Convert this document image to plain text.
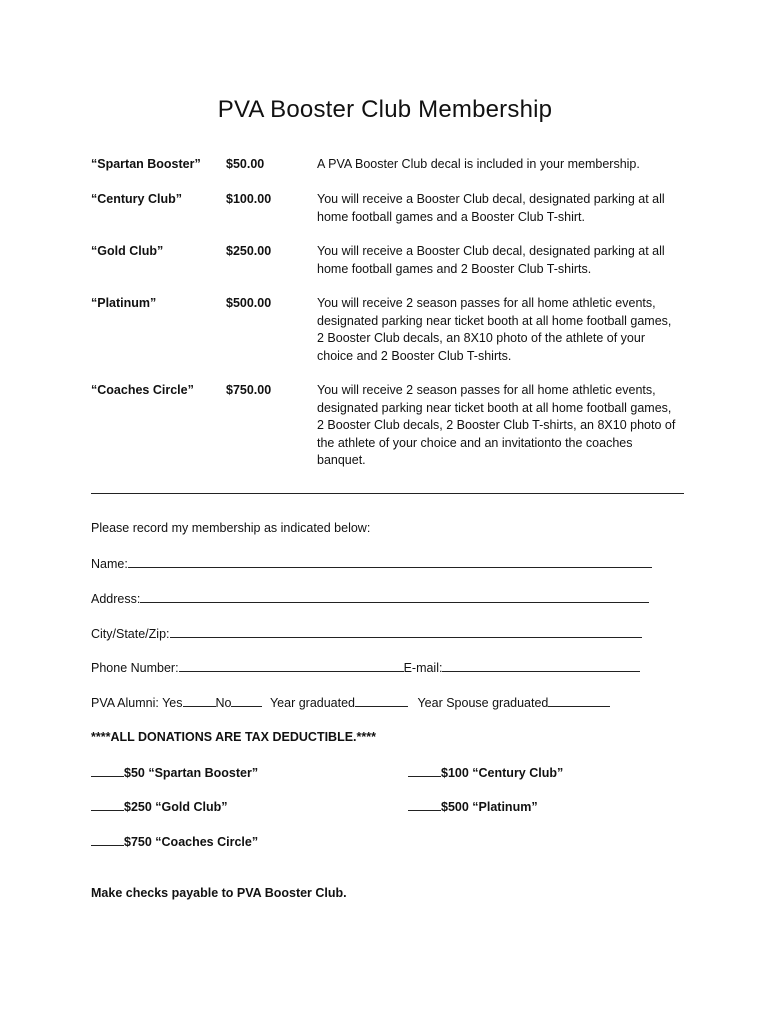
PVA Booster Club Membership
“Spartan Booster” $50.00	A PVA Booster Club decal is included in your membership.
“Century Club”	$100.00	You will receive a Booster Club decal, designated parking at all home football games and a Booster Club T-shirt.
“Gold Club”	$250.00	You will receive a Booster Club decal, designated parking at all home football games and 2 Booster Club T-shirts.
“Platinum”	$500.00	You will receive 2 season passes for all home athletic events, designated parking near ticket booth at all home football games, 2 Booster Club decals, an 8X10 photo of the athlete of your choice and 2 Booster Club T-shirts.
“Coaches Circle”	$750.00	You will receive 2 season passes for all home athletic events, designated parking near ticket booth at all home football games, 2 Booster Club decals, 2 Booster Club T-shirts, an 8X10 photo of the athlete of your choice and an invitationto the coaches banquet.
Please record my membership as indicated below:
Name:
Address:
City/State/Zip:
Phone Number:	E-mail:
PVA Alumni: Yes	No	Year graduated	Year Spouse graduated
****ALL DONATIONS ARE TAX DEDUCTIBLE.****
$50 “Spartan Booster”	$100 “Century Club”
$250 “Gold Club”	$500 “Platinum”
$750 “Coaches Circle”
Make checks payable to PVA Booster Club.
